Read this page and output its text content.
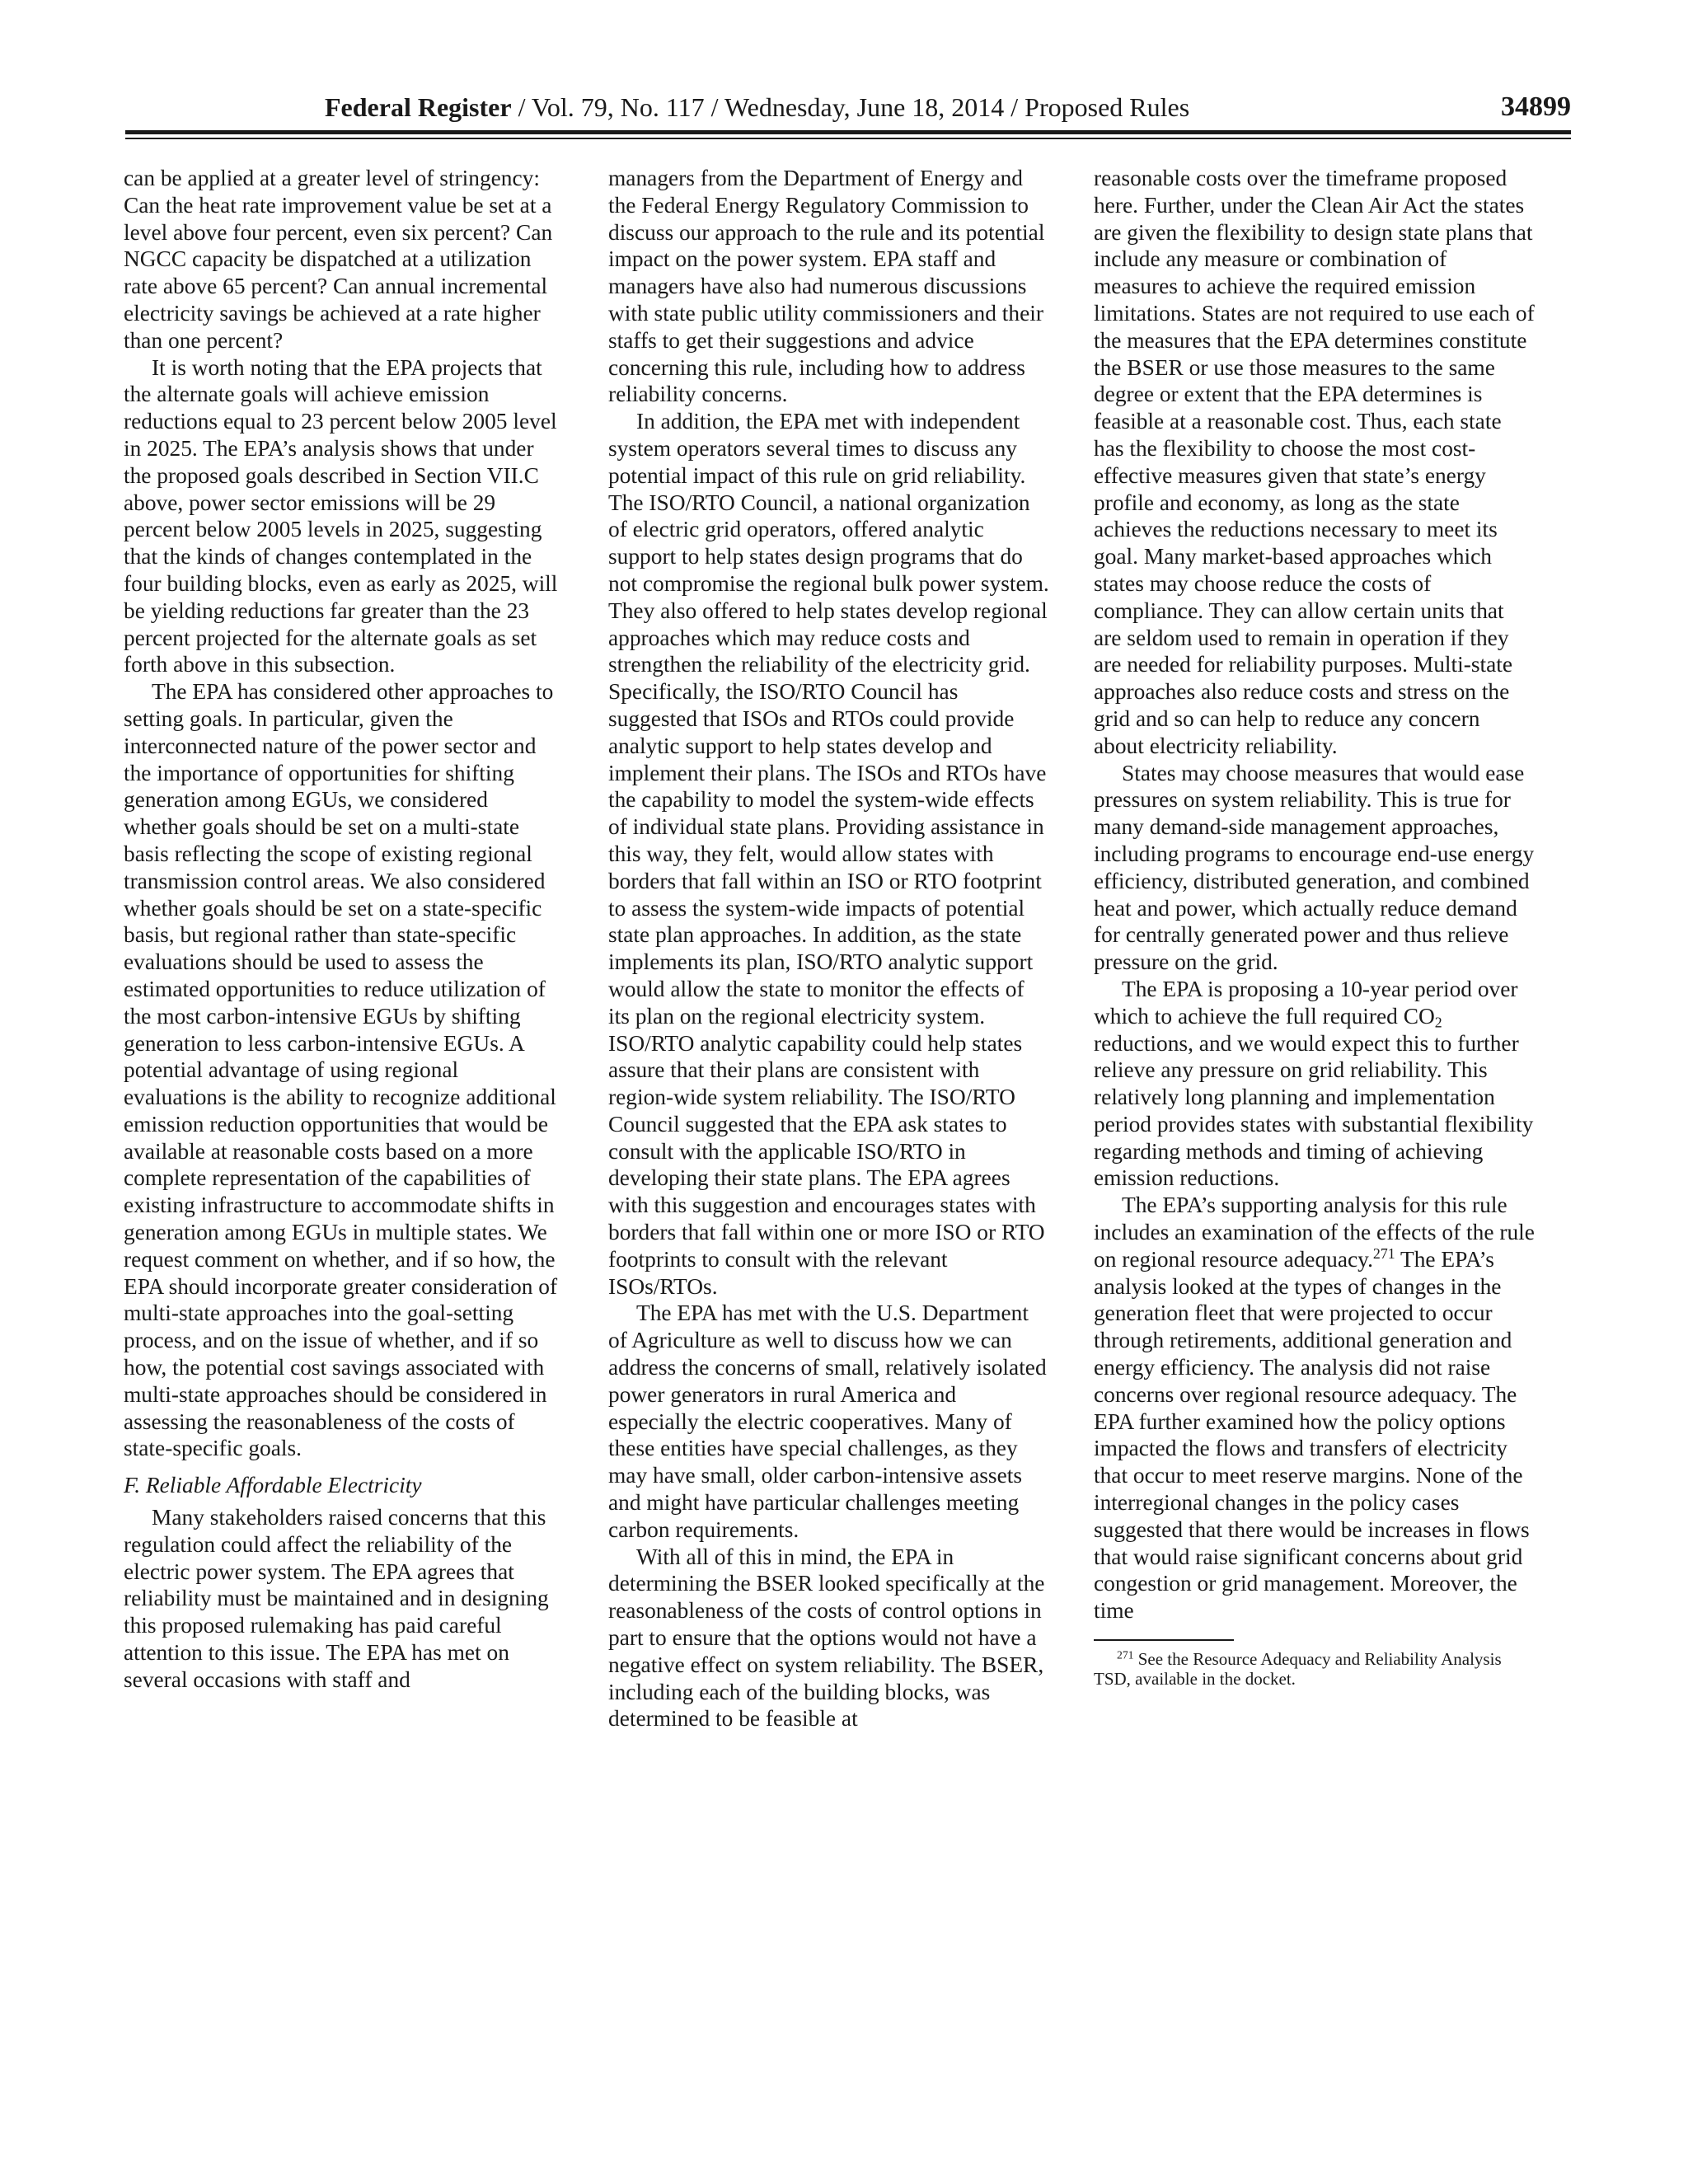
Federal Register / Vol. 79, No. 117 / Wednesday, June 18, 2014 / Proposed Rules	34899

can be applied at a greater level of stringency: Can the heat rate improvement value be set at a level above four percent, even six percent? Can NGCC capacity be dispatched at a utilization rate above 65 percent? Can annual incremental electricity savings be achieved at a rate higher than one percent?

It is worth noting that the EPA projects that the alternate goals will achieve emission reductions equal to 23 percent below 2005 level in 2025. The EPA’s analysis shows that under the proposed goals described in Section VII.C above, power sector emissions will be 29 percent below 2005 levels in 2025, suggesting that the kinds of changes contemplated in the four building blocks, even as early as 2025, will be yielding reductions far greater than the 23 percent projected for the alternate goals as set forth above in this subsection.

The EPA has considered other approaches to setting goals. In particular, given the interconnected nature of the power sector and the importance of opportunities for shifting generation among EGUs, we considered whether goals should be set on a multi-state basis reflecting the scope of existing regional transmission control areas. We also considered whether goals should be set on a state-specific basis, but regional rather than state-specific evaluations should be used to assess the estimated opportunities to reduce utilization of the most carbon-intensive EGUs by shifting generation to less carbon-intensive EGUs. A potential advantage of using regional evaluations is the ability to recognize additional emission reduction opportunities that would be available at reasonable costs based on a more complete representation of the capabilities of existing infrastructure to accommodate shifts in generation among EGUs in multiple states. We request comment on whether, and if so how, the EPA should incorporate greater consideration of multi-state approaches into the goal-setting process, and on the issue of whether, and if so how, the potential cost savings associated with multi-state approaches should be considered in assessing the reasonableness of the costs of state-specific goals.

F. Reliable Affordable Electricity

Many stakeholders raised concerns that this regulation could affect the reliability of the electric power system. The EPA agrees that reliability must be maintained and in designing this proposed rulemaking has paid careful attention to this issue. The EPA has met on several occasions with staff and

managers from the Department of Energy and the Federal Energy Regulatory Commission to discuss our approach to the rule and its potential impact on the power system. EPA staff and managers have also had numerous discussions with state public utility commissioners and their staffs to get their suggestions and advice concerning this rule, including how to address reliability concerns.

In addition, the EPA met with independent system operators several times to discuss any potential impact of this rule on grid reliability. The ISO/RTO Council, a national organization of electric grid operators, offered analytic support to help states design programs that do not compromise the regional bulk power system. They also offered to help states develop regional approaches which may reduce costs and strengthen the reliability of the electricity grid. Specifically, the ISO/RTO Council has suggested that ISOs and RTOs could provide analytic support to help states develop and implement their plans. The ISOs and RTOs have the capability to model the system-wide effects of individual state plans. Providing assistance in this way, they felt, would allow states with borders that fall within an ISO or RTO footprint to assess the system-wide impacts of potential state plan approaches. In addition, as the state implements its plan, ISO/RTO analytic support would allow the state to monitor the effects of its plan on the regional electricity system. ISO/RTO analytic capability could help states assure that their plans are consistent with region-wide system reliability. The ISO/RTO Council suggested that the EPA ask states to consult with the applicable ISO/RTO in developing their state plans. The EPA agrees with this suggestion and encourages states with borders that fall within one or more ISO or RTO footprints to consult with the relevant ISOs/RTOs.

The EPA has met with the U.S. Department of Agriculture as well to discuss how we can address the concerns of small, relatively isolated power generators in rural America and especially the electric cooperatives. Many of these entities have special challenges, as they may have small, older carbon-intensive assets and might have particular challenges meeting carbon requirements.

With all of this in mind, the EPA in determining the BSER looked specifically at the reasonableness of the costs of control options in part to ensure that the options would not have a negative effect on system reliability. The BSER, including each of the building blocks, was determined to be feasible at

reasonable costs over the timeframe proposed here. Further, under the Clean Air Act the states are given the flexibility to design state plans that include any measure or combination of measures to achieve the required emission limitations. States are not required to use each of the measures that the EPA determines constitute the BSER or use those measures to the same degree or extent that the EPA determines is feasible at a reasonable cost. Thus, each state has the flexibility to choose the most cost-effective measures given that state’s energy profile and economy, as long as the state achieves the reductions necessary to meet its goal. Many market-based approaches which states may choose reduce the costs of compliance. They can allow certain units that are seldom used to remain in operation if they are needed for reliability purposes. Multi-state approaches also reduce costs and stress on the grid and so can help to reduce any concern about electricity reliability.

States may choose measures that would ease pressures on system reliability. This is true for many demand-side management approaches, including programs to encourage end-use energy efficiency, distributed generation, and combined heat and power, which actually reduce demand for centrally generated power and thus relieve pressure on the grid.

The EPA is proposing a 10-year period over which to achieve the full required $CO_2$ reductions, and we would expect this to further relieve any pressure on grid reliability. This relatively long planning and implementation period provides states with substantial flexibility regarding methods and timing of achieving emission reductions.

The EPA’s supporting analysis for this rule includes an examination of the effects of the rule on regional resource adequacy.$^{271}$ The EPA’s analysis looked at the types of changes in the generation fleet that were projected to occur through retirements, additional generation and energy efficiency. The analysis did not raise concerns over regional resource adequacy. The EPA further examined how the policy options impacted the flows and transfers of electricity that occur to meet reserve margins. None of the interregional changes in the policy cases suggested that there would be increases in flows that would raise significant concerns about grid congestion or grid management. Moreover, the time

$^{271}$ See the Resource Adequacy and Reliability Analysis TSD, available in the docket.
